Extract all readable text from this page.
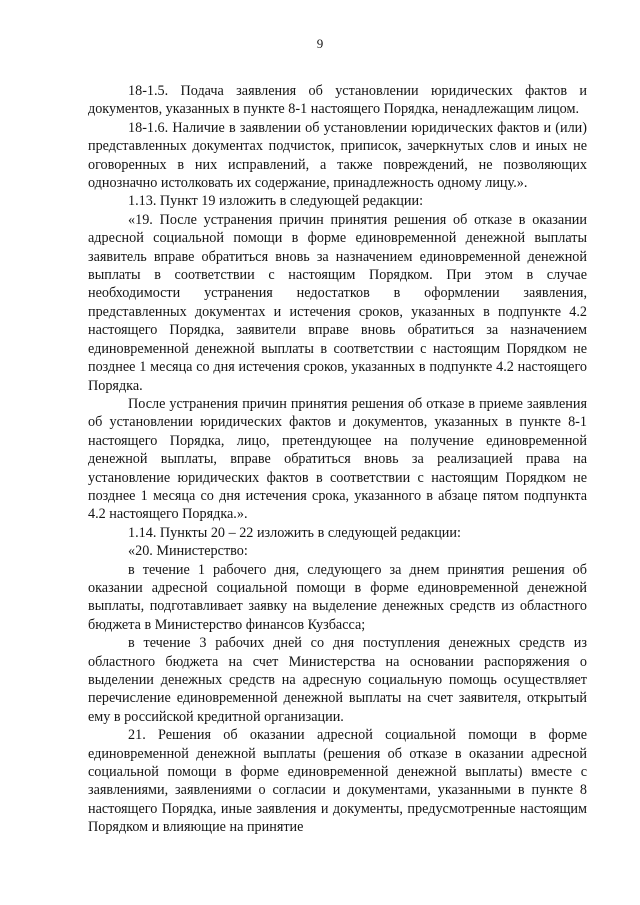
9

18-1.5. Подача заявления об установлении юридических фактов и документов, указанных в пункте 8-1 настоящего Порядка, ненадлежащим лицом.

18-1.6. Наличие в заявлении об установлении юридических фактов и (или) представленных документах подчисток, приписок, зачеркнутых слов и иных не оговоренных в них исправлений, а также повреждений, не позволяющих однозначно истолковать их содержание, принадлежность одному лицу.».

1.13. Пункт 19 изложить в следующей редакции:

«19. После устранения причин принятия решения об отказе в оказании адресной социальной помощи в форме единовременной денежной выплаты заявитель вправе обратиться вновь за назначением единовременной денежной выплаты в соответствии с настоящим Порядком. При этом в случае необходимости устранения недостатков в оформлении заявления, представленных документах и истечения сроков, указанных в подпункте 4.2 настоящего Порядка, заявители вправе вновь обратиться за назначением единовременной денежной выплаты в соответствии с настоящим Порядком не позднее 1 месяца со дня истечения сроков, указанных в подпункте 4.2 настоящего Порядка.

После устранения причин принятия решения об отказе в приеме заявления об установлении юридических фактов и документов, указанных в пункте 8-1 настоящего Порядка, лицо, претендующее на получение единовременной денежной выплаты, вправе обратиться вновь за реализацией права на установление юридических фактов в соответствии с настоящим Порядком не позднее 1 месяца со дня истечения срока, указанного в абзаце пятом подпункта 4.2 настоящего Порядка.».

1.14. Пункты 20 – 22 изложить в следующей редакции:

«20. Министерство:

в течение 1 рабочего дня, следующего за днем принятия решения об оказании адресной социальной помощи в форме единовременной денежной выплаты, подготавливает заявку на выделение денежных средств из областного бюджета в Министерство финансов Кузбасса;

в течение 3 рабочих дней со дня поступления денежных средств из областного бюджета на счет Министерства на основании распоряжения о выделении денежных средств на адресную социальную помощь осуществляет перечисление единовременной денежной выплаты на счет заявителя, открытый ему в российской кредитной организации.

21. Решения об оказании адресной социальной помощи в форме единовременной денежной выплаты (решения об отказе в оказании адресной социальной помощи в форме единовременной денежной выплаты) вместе с заявлениями, заявлениями о согласии и документами, указанными в пункте 8 настоящего Порядка, иные заявления и документы, предусмотренные настоящим Порядком и влияющие на принятие
